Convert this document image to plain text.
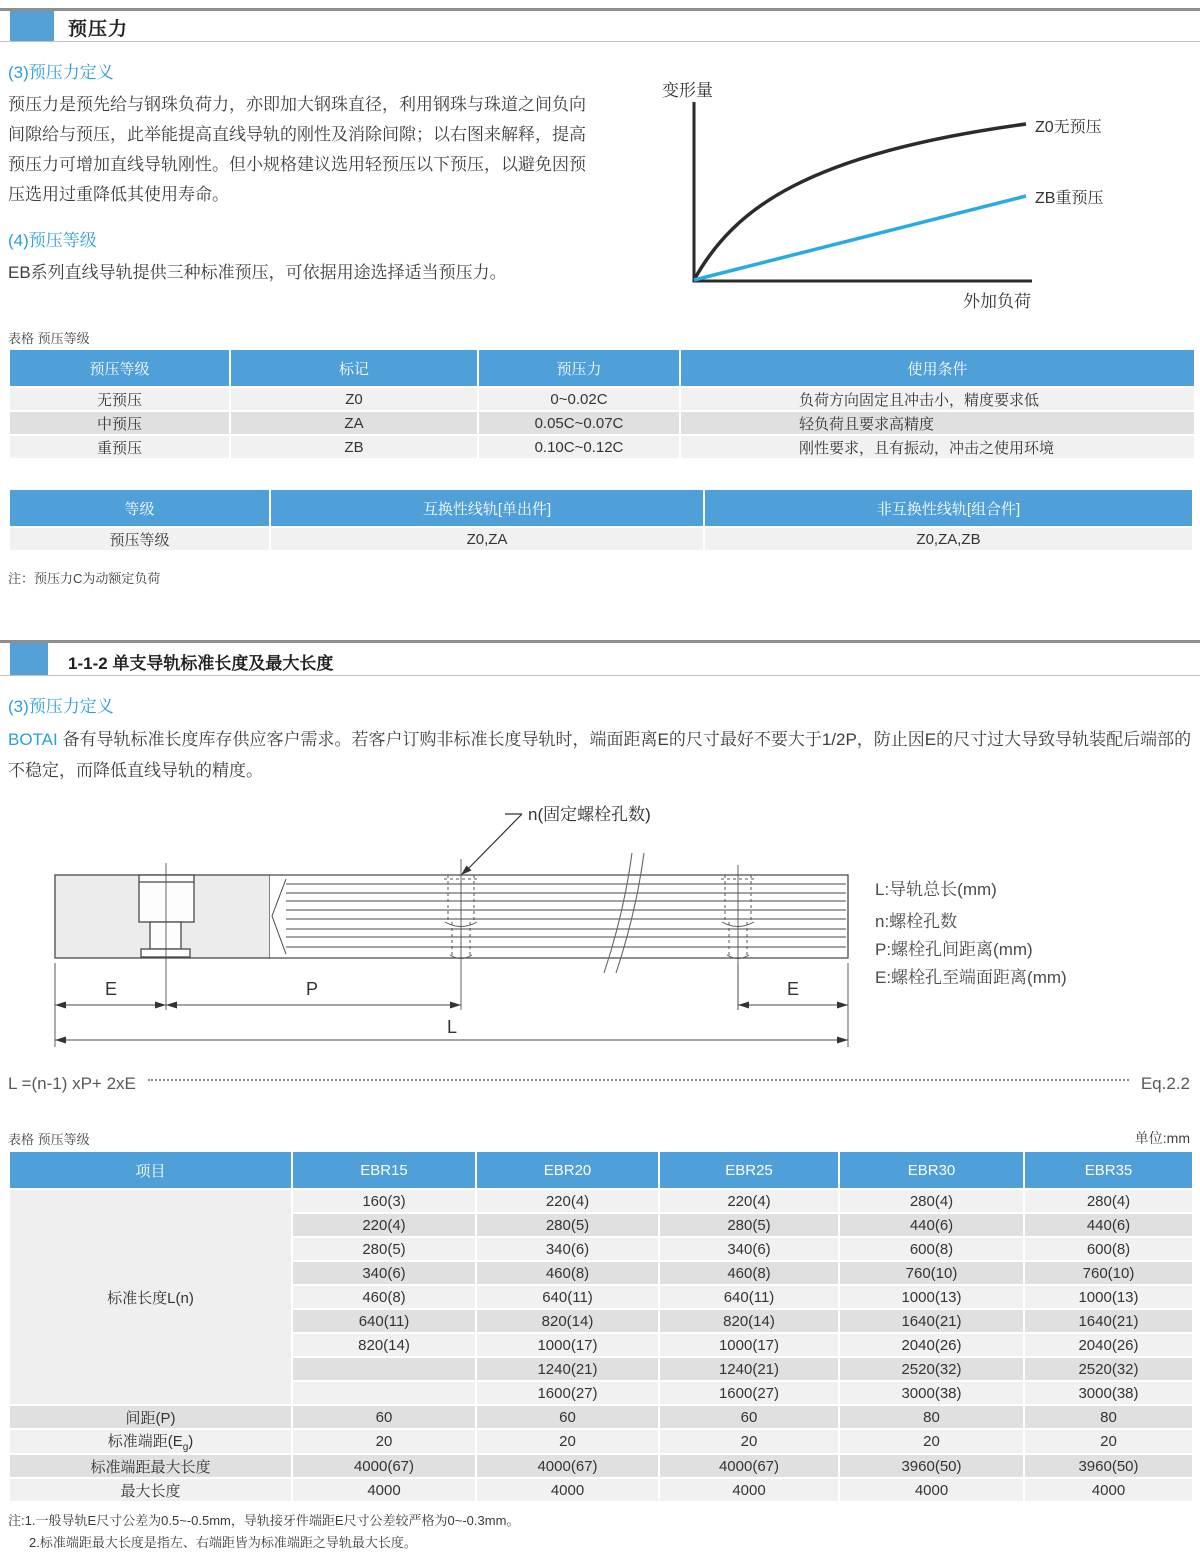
预压力
(3)预压力定义
预压力是预先给与钢珠负荷力，亦即加大钢珠直径，利用钢珠与珠道之间负向间隙给与预压，此举能提高直线导轨的刚性及消除间隙；以右图来解释，提高预压力可增加直线导轨刚性。但小规格建议选用轻预压以下预压，以避免因预压选用过重降低其使用寿命。
(4)预压等级
EB系列直线导轨提供三种标准预压，可依据用途选择适当预压力。
变形量
Z0无预压
ZB重预压
外加负荷
表格 预压等级
预压等级	标记	预压力	使用条件
无预压	Z0	0~0.02C	负荷方向固定且冲击小，精度要求低
中预压	ZA	0.05C~0.07C	轻负荷且要求高精度
重预压	ZB	0.10C~0.12C	刚性要求，且有振动，冲击之使用环境
等级	互换性线轨[单出件]	非互换性线轨[组合件]
预压等级	Z0,ZA	Z0,ZA,ZB
注：预压力C为动额定负荷
1-1-2 单支导轨标准长度及最大长度
(3)预压力定义
BOTAI 备有导轨标准长度库存供应客户需求。若客户订购非标准长度导轨时，端面距离E的尺寸最好不要大于1/2P，防止因E的尺寸过大导致导轨装配后端部的不稳定，而降低直线导轨的精度。
n(固定螺栓孔数)
E	P	E
L
L:导轨总长(mm)
n:螺栓孔数
P:螺栓孔间距离(mm)
E:螺栓孔至端面距离(mm)
L =(n-1) xP+ 2xE	Eq.2.2
表格 预压等级	单位:mm
项目	EBR15	EBR20	EBR25	EBR30	EBR35
标准长度L(n)	160(3)	220(4)	220(4)	280(4)	280(4)
	220(4)	280(5)	280(5)	440(6)	440(6)
	280(5)	340(6)	340(6)	600(8)	600(8)
	340(6)	460(8)	460(8)	760(10)	760(10)
	460(8)	640(11)	640(11)	1000(13)	1000(13)
	640(11)	820(14)	820(14)	1640(21)	1640(21)
	820(14)	1000(17)	1000(17)	2040(26)	2040(26)
		1240(21)	1240(21)	2520(32)	2520(32)
		1600(27)	1600(27)	3000(38)	3000(38)
间距(P)	60	60	60	80	80
标准端距$(E_g)$	20	20	20	20	20
标准端距最大长度	4000(67)	4000(67)	4000(67)	3960(50)	3960(50)
最大长度	4000	4000	4000	4000	4000
注:1.一般导轨E尺寸公差为0.5~-0.5mm，导轨接牙件端距E尺寸公差较严格为0~-0.3mm。
2.标准端距最大长度是指左、右端距皆为标准端距之导轨最大长度。
